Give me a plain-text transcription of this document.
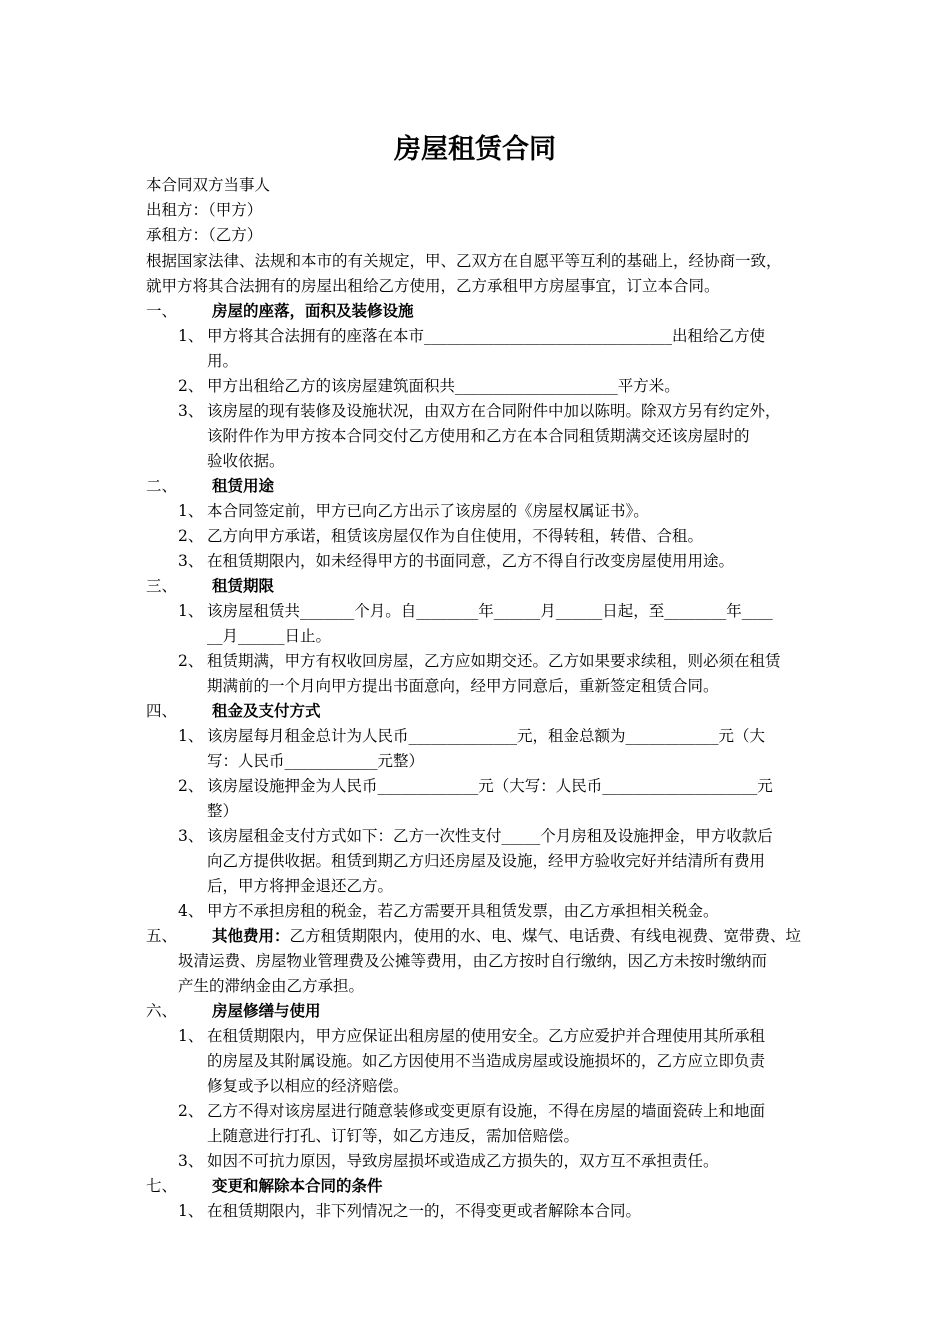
房屋租赁合同
本合同双方当事人
出租方：（甲方）
承租方：（乙方）
根据国家法律、法规和本市的有关规定，甲、乙双方在自愿平等互利的基础上，经协商一致，
就甲方将其合法拥有的房屋出租给乙方使用，乙方承租甲方房屋事宜，订立本合同。
一、 房屋的座落，面积及装修设施
1、 甲方将其合法拥有的座落在本市________________________________出租给乙方使
用。
2、 甲方出租给乙方的该房屋建筑面积共_____________________平方米。
3、 该房屋的现有装修及设施状况，由双方在合同附件中加以陈明。除双方另有约定外，
该附件作为甲方按本合同交付乙方使用和乙方在本合同租赁期满交还该房屋时的
验收依据。
二、 租赁用途
1、 本合同签定前，甲方已向乙方出示了该房屋的《房屋权属证书》。
2、 乙方向甲方承诺，租赁该房屋仅作为自住使用，不得转租，转借、合租。
3、 在租赁期限内，如未经得甲方的书面同意，乙方不得自行改变房屋使用用途。
三、 租赁期限
1、 该房屋租赁共_______个月。自________年______月______日起，至________年____
__月______日止。
2、 租赁期满，甲方有权收回房屋，乙方应如期交还。乙方如果要求续租，则必须在租赁
期满前的一个月向甲方提出书面意向，经甲方同意后，重新签定租赁合同。
四、 租金及支付方式
1、 该房屋每月租金总计为人民币______________元，租金总额为____________元（大
写：人民币____________元整）
2、 该房屋设施押金为人民币_____________元（大写：人民币____________________元
整）
3、 该房屋租金支付方式如下：乙方一次性支付_____个月房租及设施押金，甲方收款后
向乙方提供收据。租赁到期乙方归还房屋及设施，经甲方验收完好并结清所有费用
后，甲方将押金退还乙方。
4、 甲方不承担房租的税金，若乙方需要开具租赁发票，由乙方承担相关税金。
五、 其他费用：乙方租赁期限内，使用的水、电、煤气、电话费、有线电视费、宽带费、垃
圾清运费、房屋物业管理费及公摊等费用，由乙方按时自行缴纳，因乙方未按时缴纳而
产生的滞纳金由乙方承担。
六、 房屋修缮与使用
1、 在租赁期限内，甲方应保证出租房屋的使用安全。乙方应爱护并合理使用其所承租
的房屋及其附属设施。如乙方因使用不当造成房屋或设施损坏的，乙方应立即负责
修复或予以相应的经济赔偿。
2、 乙方不得对该房屋进行随意装修或变更原有设施，不得在房屋的墙面瓷砖上和地面
上随意进行打孔、订钉等，如乙方违反，需加倍赔偿。
3、 如因不可抗力原因，导致房屋损坏或造成乙方损失的，双方互不承担责任。
七、 变更和解除本合同的条件
1、 在租赁期限内，非下列情况之一的，不得变更或者解除本合同。
